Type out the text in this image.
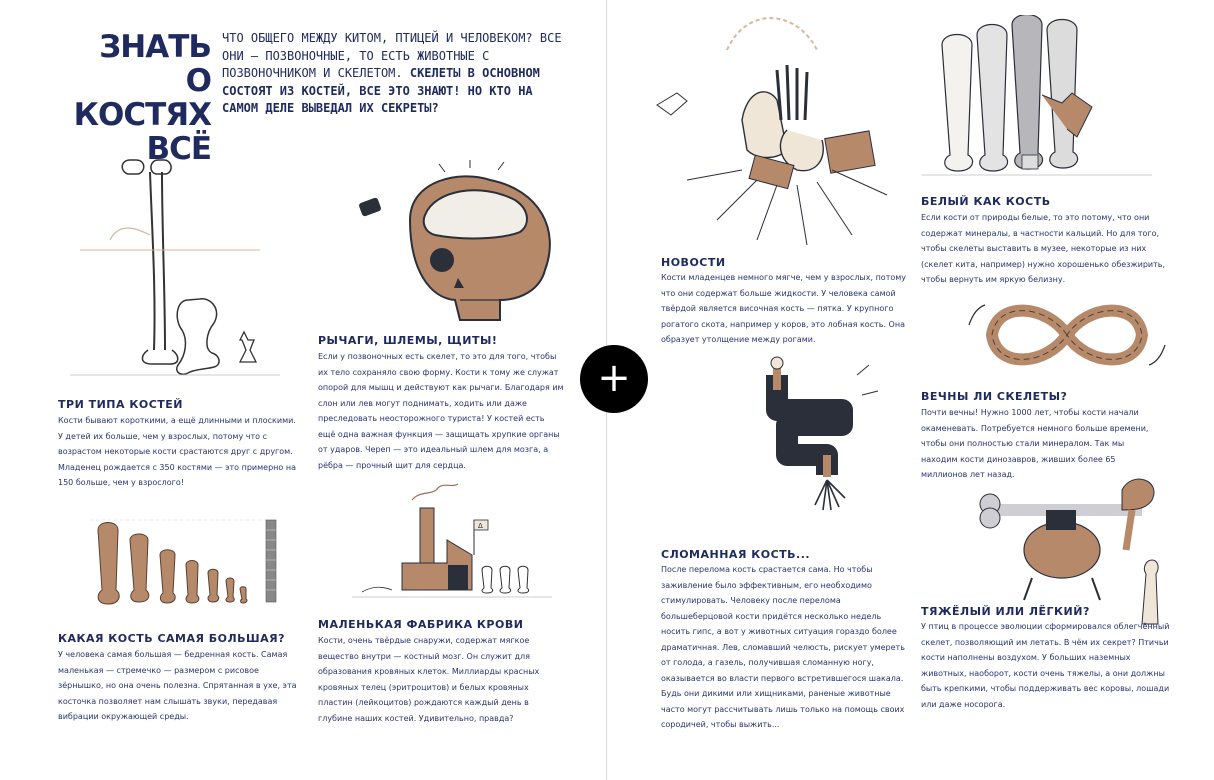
ЗНАТЬ
О КОСТЯХ
ВСЁ
ЧТО ОБЩЕГО МЕЖДУ КИТОМ, ПТИЦЕЙ И ЧЕЛОВЕКОМ? ВСЕ ОНИ — ПОЗВОНОЧНЫЕ, ТО ЕСТЬ ЖИВОТНЫЕ С ПОЗВОНОЧНИКОМ И СКЕЛЕТОМ. СКЕЛЕТЫ В ОСНОВНОМ СОСТОЯТ ИЗ КОСТЕЙ, ВСЕ ЭТО ЗНАЮТ! НО КТО НА САМОМ ДЕЛЕ ВЫВЕДАЛ ИХ СЕКРЕТЫ?
ТРИ ТИПА КОСТЕЙ
Кости бывают короткими, а ещё длинными и плоскими. У детей их больше, чем у взрослых, потому что с возрастом некоторые кости срастаются друг с другом. Младенец рождается с 350 костями — это примерно на 150 больше, чем у взрослого!
РЫЧАГИ, ШЛЕМЫ, ЩИТЫ!
Если у позвоночных есть скелет, то это для того, чтобы их тело сохраняло свою форму. Кости к тому же служат опорой для мышц и действуют как рычаги. Благодаря им слон или лев могут поднимать, ходить или даже преследовать неосторожного туриста! У костей есть ещё одна важная функция — защищать хрупкие органы от ударов. Череп — это идеальный шлем для мозга, а рёбра — прочный щит для сердца.
КАКАЯ КОСТЬ САМАЯ БОЛЬШАЯ?
У человека самая большая — бедренная кость. Самая маленькая — стремечко — размером с рисовое зёрнышко, но она очень полезна. Спрятанная в ухе, эта косточка позволяет нам слышать звуки, передавая вибрации окружающей среды.
Δ
МАЛЕНЬКАЯ ФАБРИКА КРОВИ
Кости, очень твёрдые снаружи, содержат мягкое вещество внутри — костный мозг. Он служит для образования кровяных клеток. Миллиарды красных кровяных телец (эритроцитов) и белых кровяных пластин (лейкоцитов) рождаются каждый день в глубине наших костей. Удивительно, правда?
НОВОСТИ
Кости младенцев немного мягче, чем у взрослых, потому что они содержат больше жидкости. У человека самой твёрдой является височная кость — пятка. У крупного рогатого скота, например у коров, это лобная кость. Она образует утолщение между рогами.
БЕЛЫЙ КАК КОСТЬ
Если кости от природы белые, то это потому, что они содержат минералы, в частности кальций. Но для того, чтобы скелеты выставить в музее, некоторые из них (скелет кита, например) нужно хорошенько обезжирить, чтобы вернуть им яркую белизну.
ВЕЧНЫ ЛИ СКЕЛЕТЫ?
Почти вечны! Нужно 1000 лет, чтобы кости начали окаменевать. Потребуется немного больше времени, чтобы они полностью стали минералом. Так мы находим кости динозавров, живших более 65 миллионов лет назад.
СЛОМАННАЯ КОСТЬ...
После перелома кость срастается сама. Но чтобы заживление было эффективным, его необходимо стимулировать. Человеку после перелома большеберцовой кости придётся несколько недель носить гипс, а вот у животных ситуация гораздо более драматичная. Лев, сломавший челюсть, рискует умереть от голода, а газель, получившая сломанную ногу, оказывается во власти первого встретившегося шакала. Будь они дикими или хищниками, раненые животные часто могут рассчитывать лишь только на помощь своих сородичей, чтобы выжить...
ТЯЖЁЛЫЙ ИЛИ ЛЁГКИЙ?
У птиц в процессе эволюции сформировался облегчённый скелет, позволяющий им летать. В чём их секрет? Птичьи кости наполнены воздухом. У больших наземных животных, наоборот, кости очень тяжелы, а они должны быть крепкими, чтобы поддерживать вес коровы, лошади или даже носорога.
+
